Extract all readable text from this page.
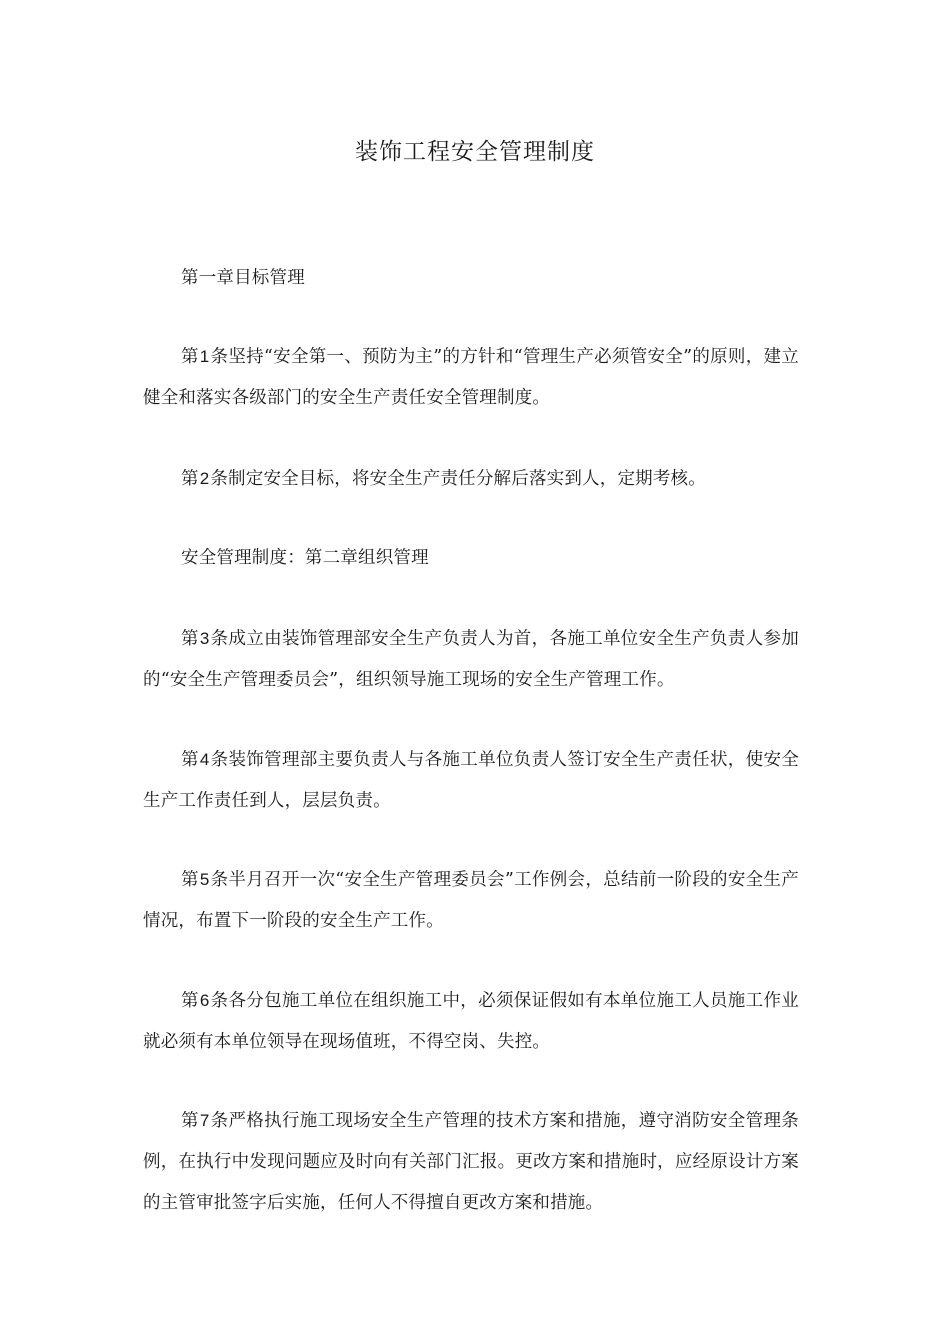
装饰工程安全管理制度

第一章目标管理

第1条坚持“安全第一、预防为主”的方针和“管理生产必须管安全”的原则，建立健全和落实各级部门的安全生产责任安全管理制度。

第2条制定安全目标，将安全生产责任分解后落实到人，定期考核。

安全管理制度：第二章组织管理

第3条成立由装饰管理部安全生产负责人为首，各施工单位安全生产负责人参加的“安全生产管理委员会”，组织领导施工现场的安全生产管理工作。

第4条装饰管理部主要负责人与各施工单位负责人签订安全生产责任状，使安全生产工作责任到人，层层负责。

第5条半月召开一次“安全生产管理委员会”工作例会，总结前一阶段的安全生产情况，布置下一阶段的安全生产工作。

第6条各分包施工单位在组织施工中，必须保证假如有本单位施工人员施工作业就必须有本单位领导在现场值班，不得空岗、失控。

第7条严格执行施工现场安全生产管理的技术方案和措施，遵守消防安全管理条例，在执行中发现问题应及时向有关部门汇报。更改方案和措施时，应经原设计方案的主管审批签字后实施，任何人不得擅自更改方案和措施。
